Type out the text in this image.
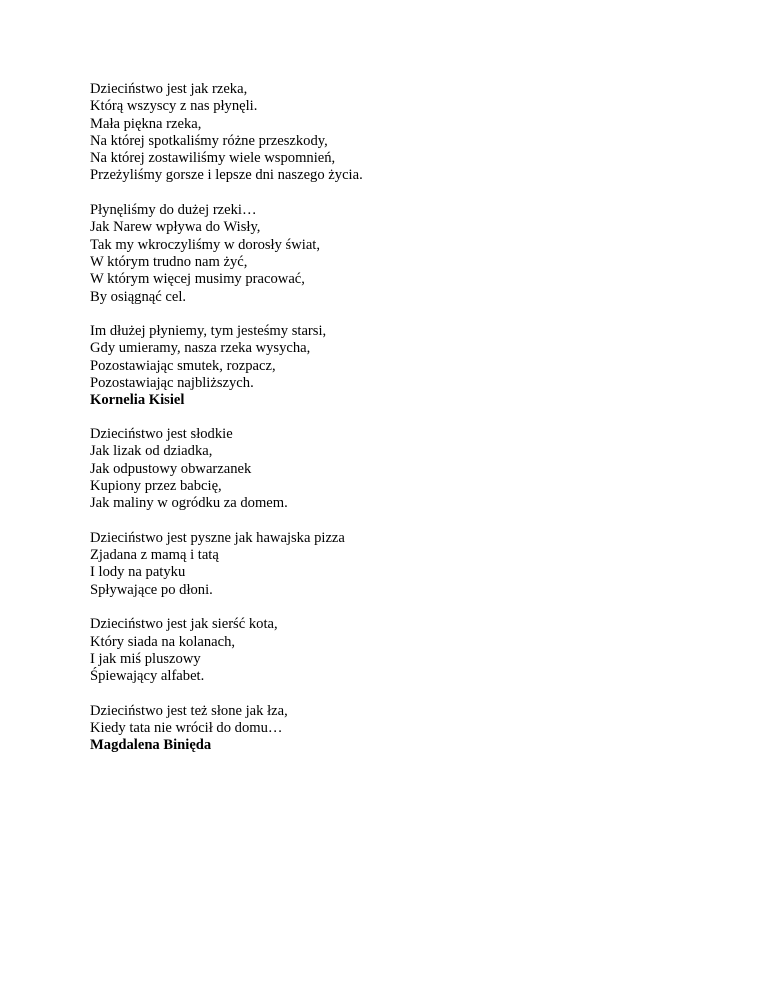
Dzieciństwo jest jak rzeka,
Którą wszyscy z nas płynęli.
Mała piękna rzeka,
Na której spotkaliśmy różne przeszkody,
Na której zostawiliśmy wiele wspomnień,
Przeżyliśmy gorsze i lepsze dni naszego życia.
Płynęliśmy do dużej rzeki…
Jak Narew wpływa do Wisły,
Tak my wkroczyliśmy w dorosły świat,
W którym trudno nam żyć,
W którym więcej musimy pracować,
By osiągnąć cel.
Im dłużej płyniemy, tym jesteśmy starsi,
Gdy umieramy, nasza rzeka wysycha,
Pozostawiając smutek, rozpacz,
Pozostawiając najbliższych.
Kornelia Kisiel
Dzieciństwo jest słodkie
Jak lizak od dziadka,
Jak odpustowy obwarzanek
Kupiony przez babcię,
Jak maliny w ogródku za domem.
Dzieciństwo jest pyszne jak hawajska pizza
Zjadana z mamą i tatą
I lody na patyku
Spływające po dłoni.
Dzieciństwo jest jak sierść kota,
Który siada na kolanach,
I jak miś pluszowy
Śpiewający alfabet.
Dzieciństwo jest też słone jak łza,
Kiedy tata nie wrócił do domu…
Magdalena Binięda
